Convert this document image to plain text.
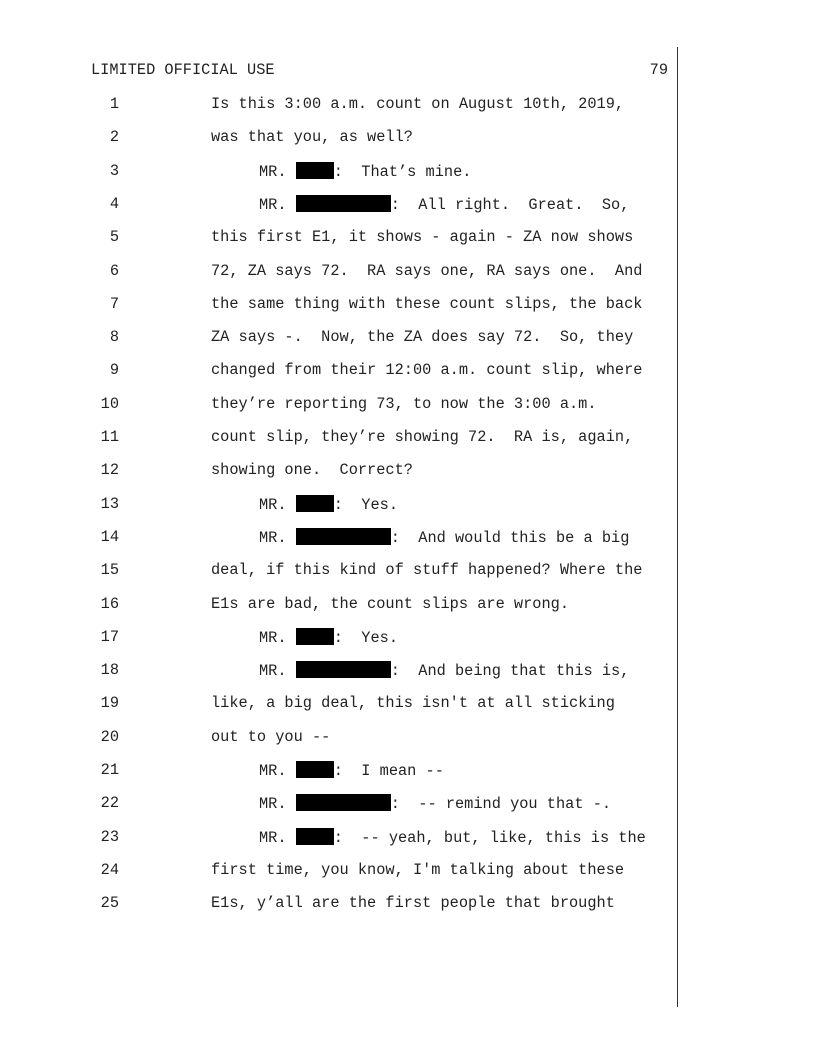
LIMITED OFFICIAL USE	79
1	Is this 3:00 a.m. count on August 10th, 2019,
2	was that you, as well?
3	MR.	:  That’s mine.
4	MR.	:  All right.  Great.  So,
5	this first E1, it shows - again - ZA now shows
6	72, ZA says 72.  RA says one, RA says one.  And
7	the same thing with these count slips, the back
8	ZA says -.  Now, the ZA does say 72.  So, they
9	changed from their 12:00 a.m. count slip, where
10	they’re reporting 73, to now the 3:00 a.m.
11	count slip, they’re showing 72.  RA is, again,
12	showing one.  Correct?
13	MR.	:  Yes.
14	MR.	:  And would this be a big
15	deal, if this kind of stuff happened? Where the
16	E1s are bad, the count slips are wrong.
17	MR.	:  Yes.
18	MR.	:  And being that this is,
19	like, a big deal, this isn't at all sticking
20	out to you --
21	MR.	:  I mean --
22	MR.	:  -- remind you that -.
23	MR.	:  -- yeah, but, like, this is the
24	first time, you know, I'm talking about these
25	E1s, y’all are the first people that brought
